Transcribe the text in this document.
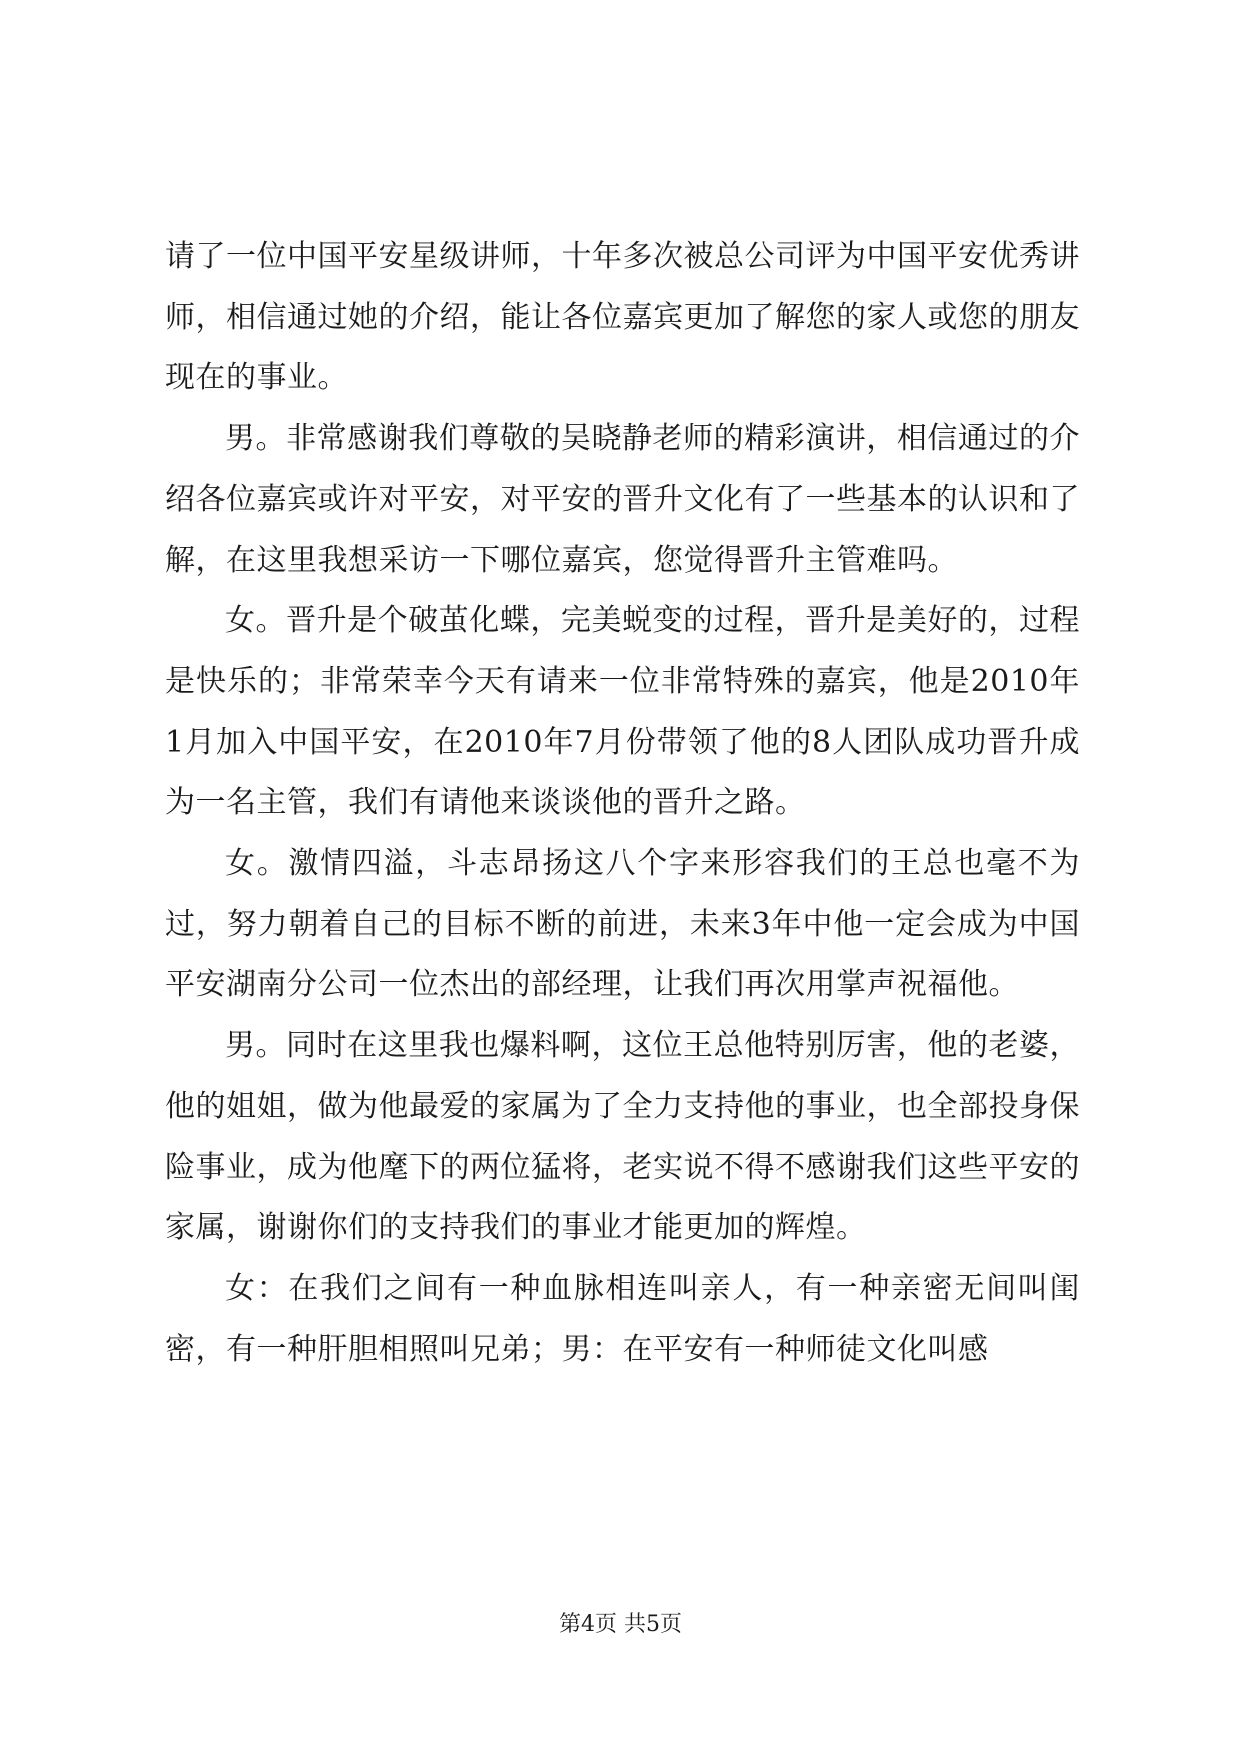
请了一位中国平安星级讲师，十年多次被总公司评为中国平安优秀讲师，相信通过她的介绍，能让各位嘉宾更加了解您的家人或您的朋友现在的事业。

男。非常感谢我们尊敬的吴晓静老师的精彩演讲，相信通过的介绍各位嘉宾或许对平安，对平安的晋升文化有了一些基本的认识和了解，在这里我想采访一下哪位嘉宾，您觉得晋升主管难吗。

女。晋升是个破茧化蝶，完美蜕变的过程，晋升是美好的，过程是快乐的；非常荣幸今天有请来一位非常特殊的嘉宾，他是2010年1月加入中国平安，在2010年7月份带领了他的8人团队成功晋升成为一名主管，我们有请他来谈谈他的晋升之路。

女。激情四溢，斗志昂扬这八个字来形容我们的王总也毫不为过，努力朝着自己的目标不断的前进，未来3年中他一定会成为中国平安湖南分公司一位杰出的部经理，让我们再次用掌声祝福他。

男。同时在这里我也爆料啊，这位王总他特别厉害，他的老婆，他的姐姐，做为他最爱的家属为了全力支持他的事业，也全部投身保险事业，成为他麾下的两位猛将，老实说不得不感谢我们这些平安的家属，谢谢你们的支持我们的事业才能更加的辉煌。

女：在我们之间有一种血脉相连叫亲人，有一种亲密无间叫闺密，有一种肝胆相照叫兄弟；男：在平安有一种师徒文化叫感

第4页 共5页
